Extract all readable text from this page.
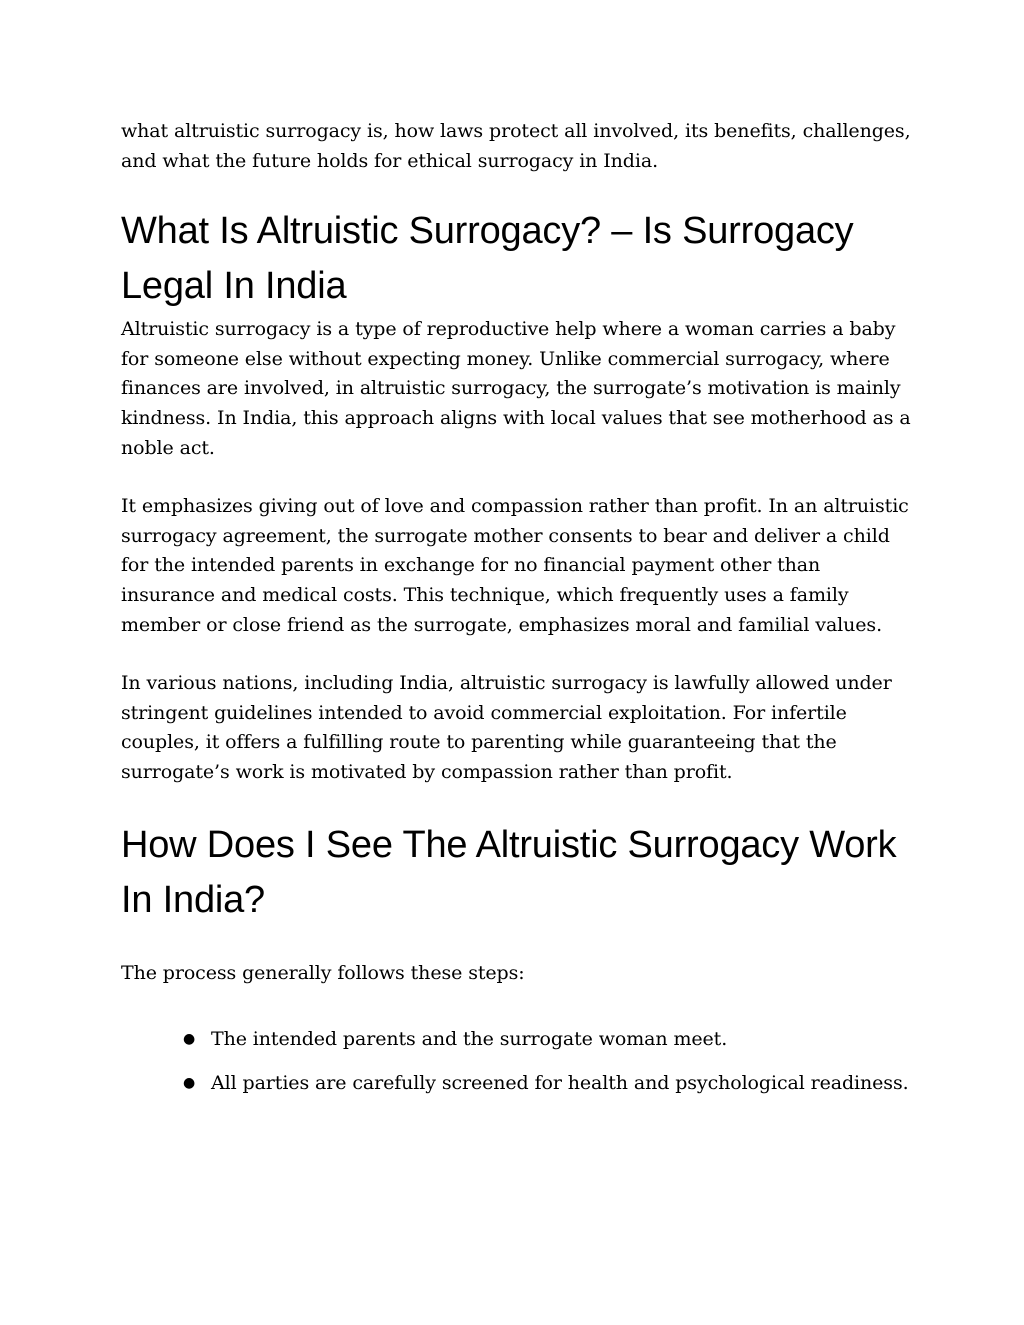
what altruistic surrogacy is, how laws protect all involved, its benefits, challenges, and what the future holds for ethical surrogacy in India.

What Is Altruistic Surrogacy? – Is Surrogacy Legal In India

Altruistic surrogacy is a type of reproductive help where a woman carries a baby for someone else without expecting money. Unlike commercial surrogacy, where finances are involved, in altruistic surrogacy, the surrogate’s motivation is mainly kindness. In India, this approach aligns with local values that see motherhood as a noble act.

It emphasizes giving out of love and compassion rather than profit. In an altruistic surrogacy agreement, the surrogate mother consents to bear and deliver a child for the intended parents in exchange for no financial payment other than insurance and medical costs. This technique, which frequently uses a family member or close friend as the surrogate, emphasizes moral and familial values.

In various nations, including India, altruistic surrogacy is lawfully allowed under stringent guidelines intended to avoid commercial exploitation. For infertile couples, it offers a fulfilling route to parenting while guaranteeing that the surrogate’s work is motivated by compassion rather than profit.

How Does I See The Altruistic Surrogacy Work In India?

The process generally follows these steps:

● The intended parents and the surrogate woman meet.
● All parties are carefully screened for health and psychological readiness.
